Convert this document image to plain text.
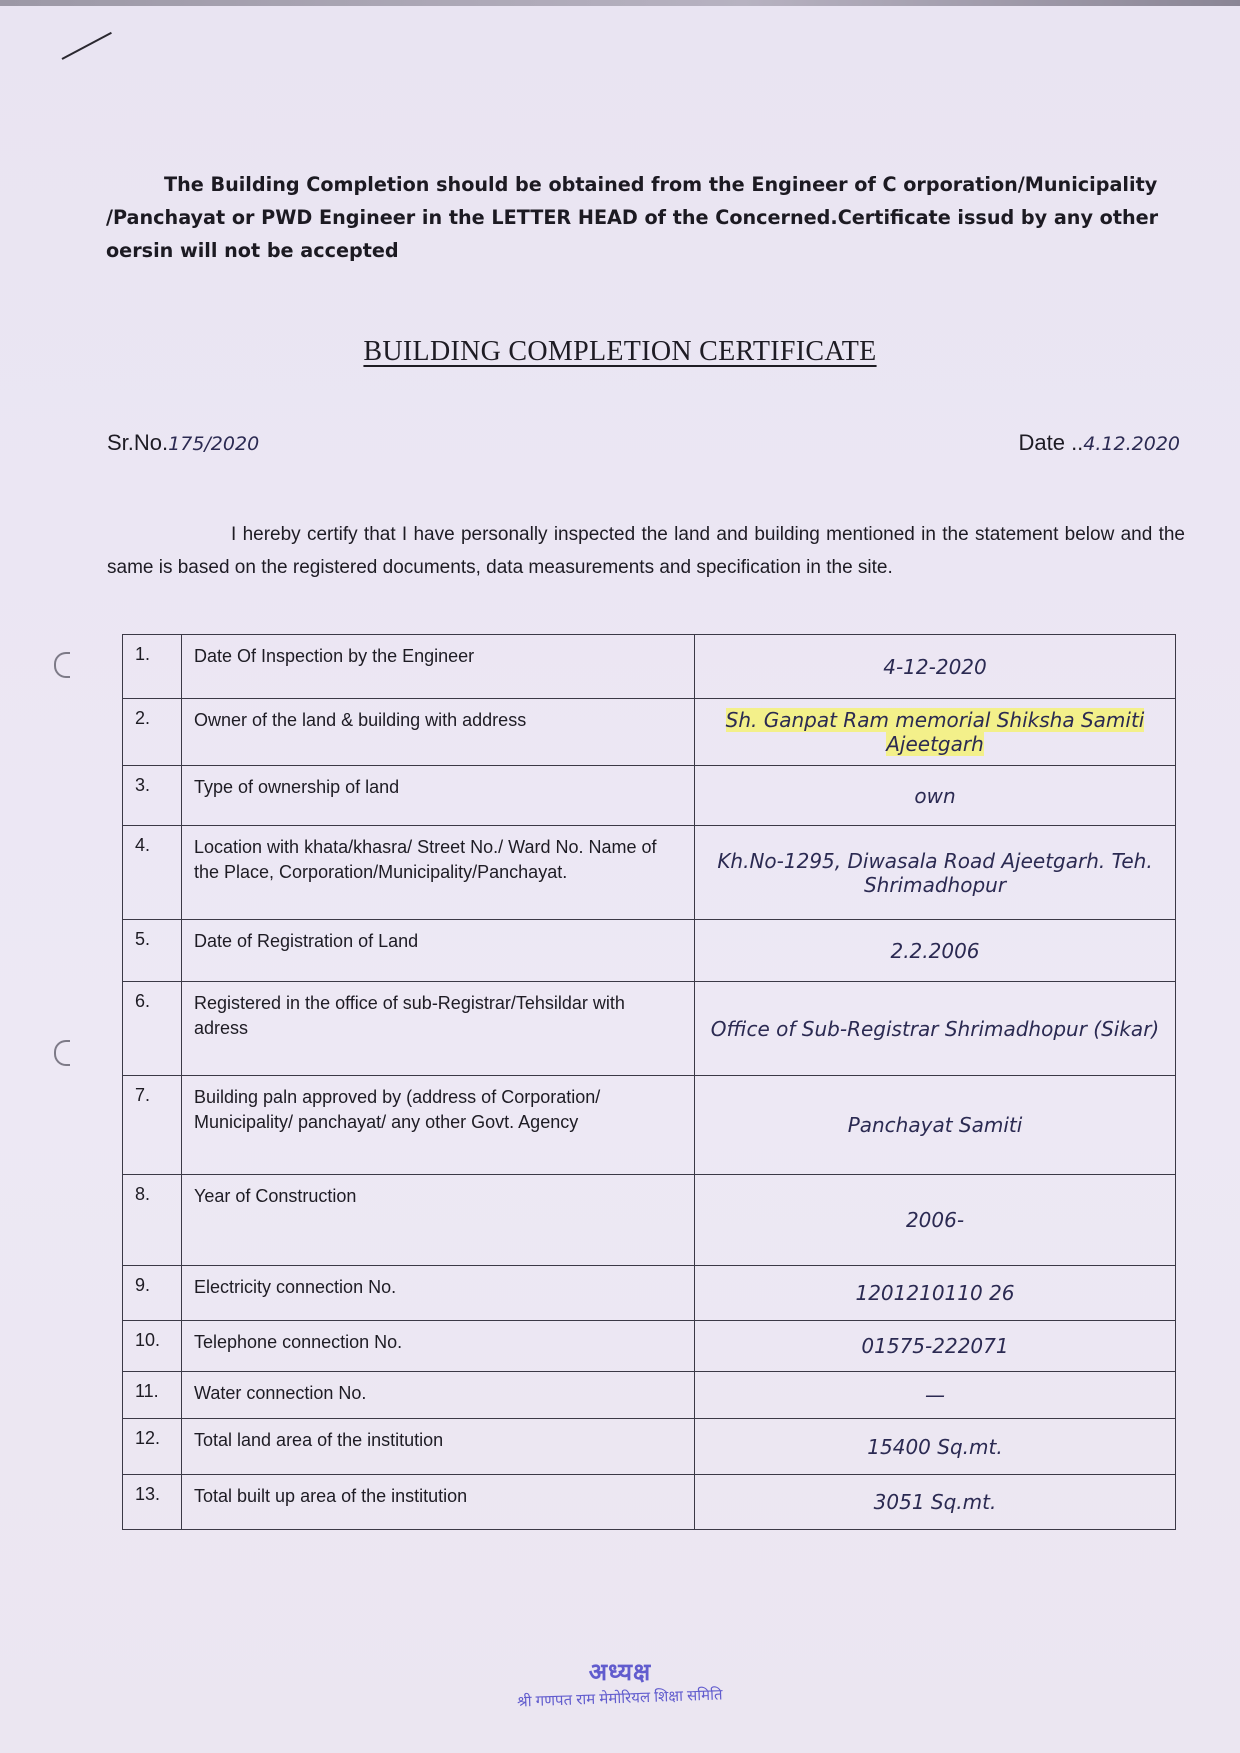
The Building Completion should be obtained from the Engineer of C orporation/Municipality /Panchayat or PWD Engineer in the LETTER HEAD of the Concerned.Certificate issud by any other oersin will not be accepted
BUILDING COMPLETION CERTIFICATE
Sr.No.175/2020	Date ..4.12.2020
I hereby certify that I have personally inspected the land and building mentioned in the statement below and the same is based on the registered documents, data measurements and specification in the site.
1.	Date Of Inspection by the Engineer	4-12-2020
2.	Owner of the land & building with address	Sh. Ganpat Ram memorial Shiksha Samiti Ajeetgarh
3.	Type of ownership of land	own
4.	Location with khata/khasra/ Street No./ Ward No. Name of the Place, Corporation/Municipality/Panchayat.	Kh.No-1295, Diwasala Road Ajeetgarh. Teh. Shrimadhopur
5.	Date of Registration of Land	2.2.2006
6.	Registered in the office of sub-Registrar/Tehsildar with adress	Office of Sub-Registrar Shrimadhopur (Sikar)
7.	Building paln approved by (address of Corporation/ Municipality/ panchayat/ any other Govt. Agency	Panchayat Samiti
8.	Year of Construction	2006-
9.	Electricity connection No.	1201210110 26
10.	Telephone connection No.	01575-222071
11.	Water connection No.	—
12.	Total land area of the institution	15400 Sq.mt.
13.	Total built up area of the institution	3051 Sq.mt.
अध्यक्ष
श्री गणपत राम मेमोरियल शिक्षा समिति
